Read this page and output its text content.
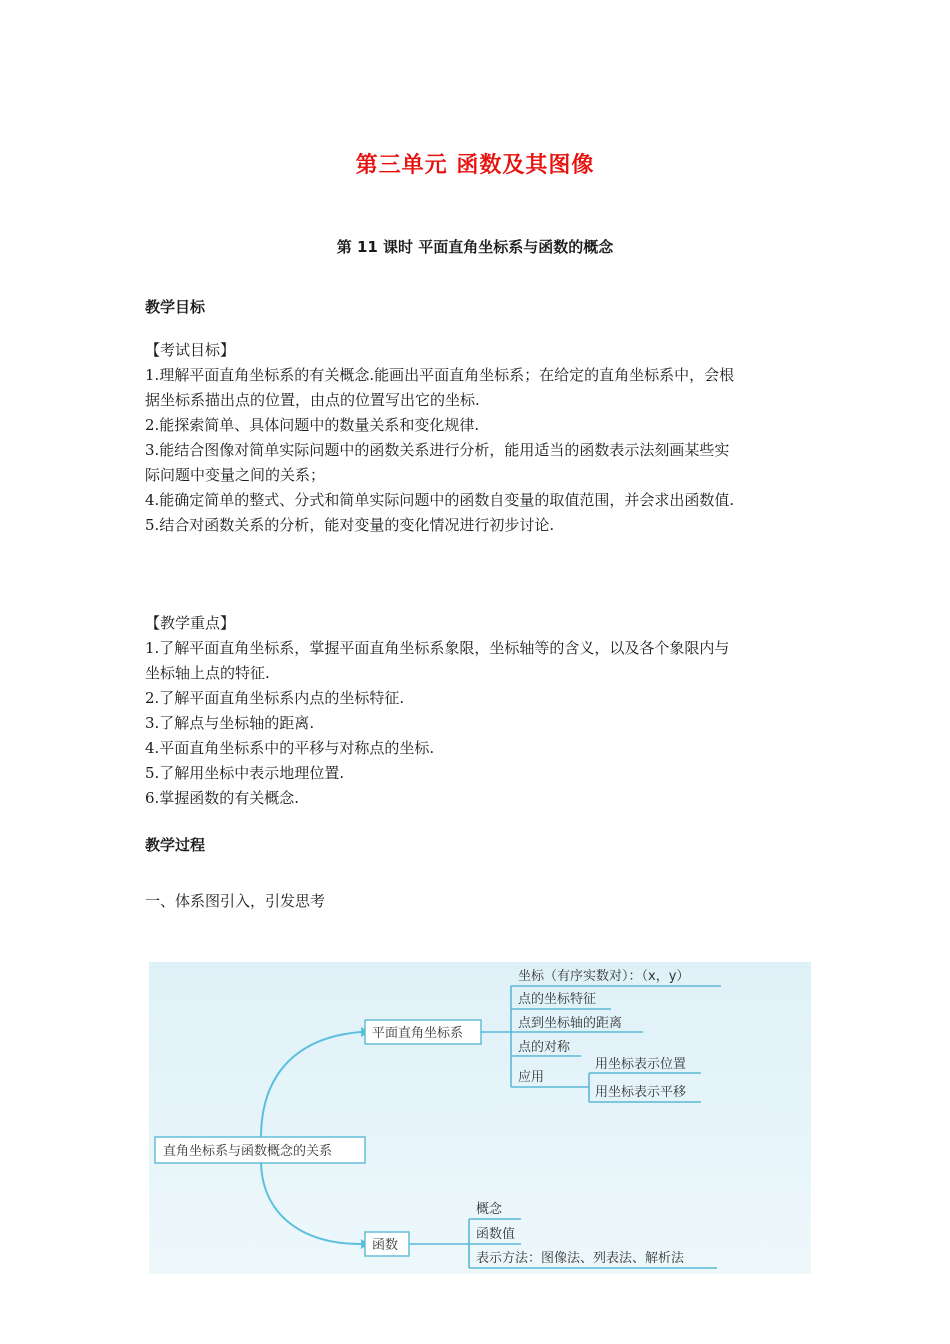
第三单元 函数及其图像
第 11 课时 平面直角坐标系与函数的概念
教学目标

【考试目标】

1.理解平面直角坐标系的有关概念.能画出平面直角坐标系；在给定的直角坐标系中，会根

据坐标系描出点的位置，由点的位置写出它的坐标.

2.能探索简单、具体问题中的数量关系和变化规律.

3.能结合图像对简单实际问题中的函数关系进行分析，能用适当的函数表示法刻画某些实

际问题中变量之间的关系；

4.能确定简单的整式、分式和简单实际问题中的函数自变量的取值范围，并会求出函数值.

5.结合对函数关系的分析，能对变量的变化情况进行初步讨论.

【教学重点】

1.了解平面直角坐标系，掌握平面直角坐标系象限，坐标轴等的含义，以及各个象限内与

坐标轴上点的特征.

2.了解平面直角坐标系内点的坐标特征.

3.了解点与坐标轴的距离.

4.平面直角坐标系中的平移与对称点的坐标.

5.了解用坐标中表示地理位置.

6.掌握函数的有关概念.

教学过程
一、体系图引入，引发思考
直角坐标系与函数概念的关系
平面直角坐标系
坐标（有序实数对）：（x，y）
点的坐标特征
点到坐标轴的距离
点的对称
应用
用坐标表示位置
用坐标表示平移
函数
概念
函数值
表示方法：图像法、列表法、解析法
